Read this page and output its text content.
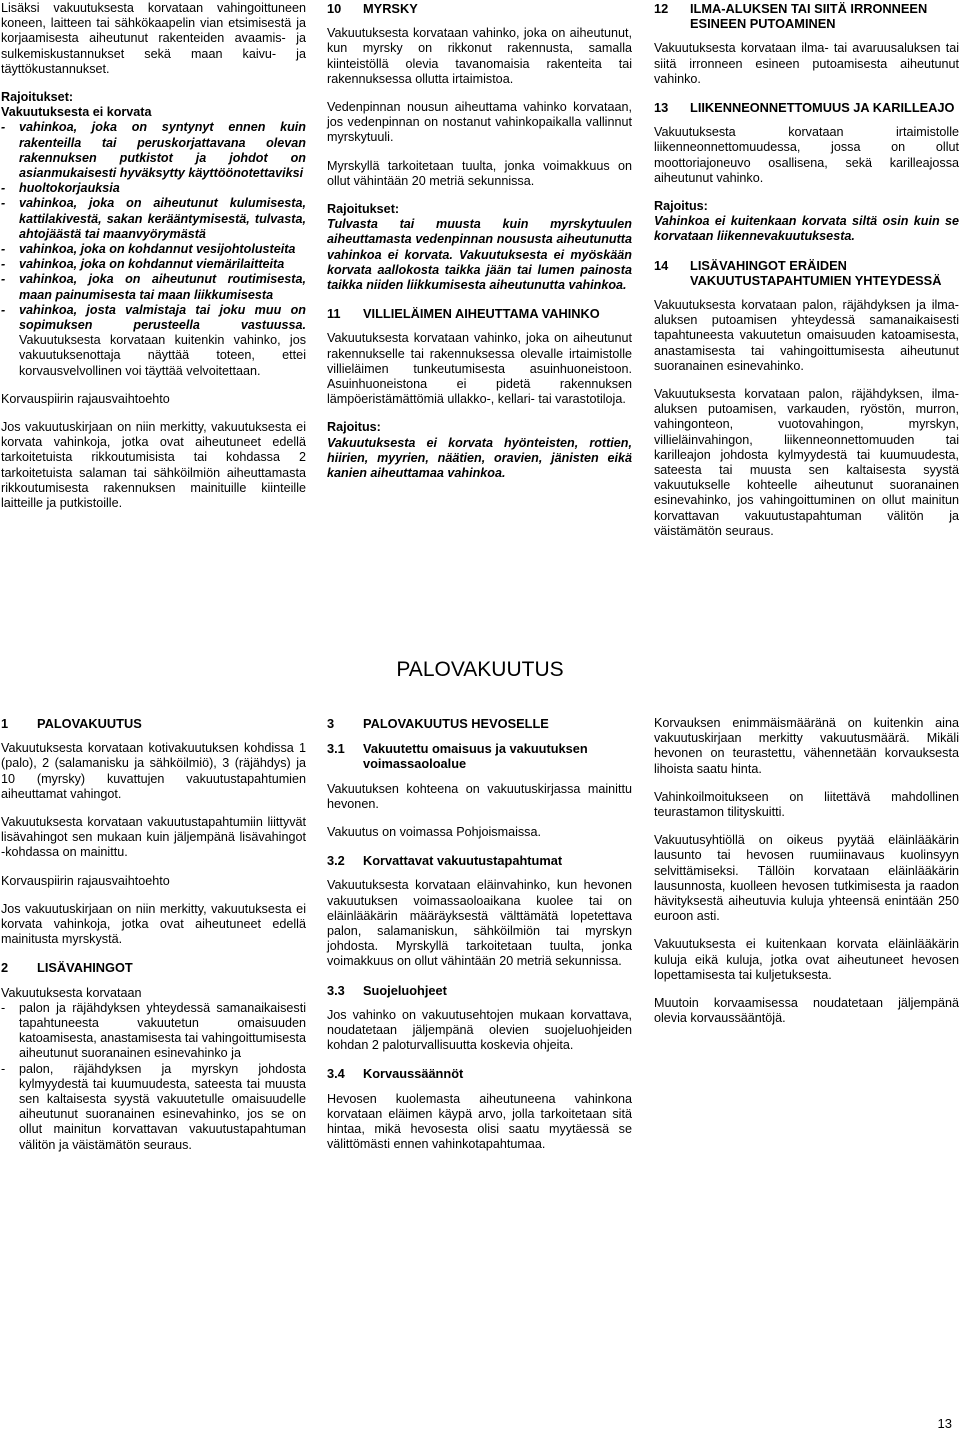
Lisäksi vakuutuksesta korvataan vahingoittuneen koneen, laitteen tai sähkökaapelin vian etsimisestä ja korjaamisesta aiheutunut rakenteiden avaamis- ja sulkemiskustannukset sekä maan kaivu- ja täyttökustannukset.

Rajoitukset:
Vakuutuksesta ei korvata
-	vahinkoa, joka on syntynyt ennen kuin rakenteilla tai peruskorjattavana olevan rakennuksen putkistot ja johdot on asianmukaisesti hyväksytty käyttöönotettaviksi
-	huoltokorjauksia
-	vahinkoa, joka on aiheutunut kulumisesta, kattilakivestä, sakan kerääntymisestä, tulvasta, ahtojäästä tai maanvyörymästä
-	vahinkoa, joka on kohdannut vesijohtolusteita
-	vahinkoa, joka on kohdannut viemärilaitteita
-	vahinkoa, joka on aiheutunut routimisesta, maan painumisesta tai maan liikkumisesta
-	vahinkoa, josta valmistaja tai joku muu on sopimuksen perusteella vastuussa. Vakuutuksesta korvataan kuitenkin vahinko, jos vakuutuksenottaja näyttää toteen, ettei korvausvelvollinen voi täyttää velvoitettaan.
Korvauspiirin rajausvaihtoehto

Jos vakuutuskirjaan on niin merkitty, vakuutuksesta ei korvata vahinkoja, jotka ovat aiheutuneet edellä tarkoitetuista rikkoutumisista tai kohdassa 2 tarkoitetuista salaman tai sähköilmiön aiheuttamasta rikkoutumisesta rakennuksen mainituille kiinteille laitteille ja putkistoille.

10	MYRSKY

Vakuutuksesta korvataan vahinko, joka on aiheutunut, kun myrsky on rikkonut rakennusta, samalla kiinteistöllä olevia tavanomaisia rakenteita tai rakennuksessa ollutta irtaimistoa.

Vedenpinnan nousun aiheuttama vahinko korvataan, jos vedenpinnan on nostanut vahinkopaikalla vallinnut myrskytuuli.

Myrskyllä tarkoitetaan tuulta, jonka voimakkuus on ollut vähintään 20 metriä sekunnissa.

Rajoitukset:

Tulvasta tai muusta kuin myrskytuulen aiheuttamasta vedenpinnan noususta aiheutunutta vahinkoa ei korvata. Vakuutuksesta ei myöskään korvata aallokosta taikka jään tai lumen painosta taikka niiden liikkumisesta aiheutunutta vahinkoa.

11	VILLIELÄIMEN AIHEUTTAMA VAHINKO

Vakuutuksesta korvataan vahinko, joka on aiheutunut rakennukselle tai rakennuksessa olevalle irtaimistolle villieläimen tunkeutumisesta asuinhuoneistoon. Asuinhuoneistona ei pidetä rakennuksen lämpöeristämättömiä ullakko-, kellari- tai varastotiloja.

Rajoitus:

Vakuutuksesta ei korvata hyönteisten, rottien, hiirien, myyrien, näätien, oravien, jänisten eikä kanien aiheuttamaa vahinkoa.

12	ILMA-ALUKSEN TAI SIITÄ IRRONNEEN ESINEEN PUTOAMINEN

Vakuutuksesta korvataan ilma- tai avaruusaluksen tai siitä irronneen esineen putoamisesta aiheutunut vahinko.

13	LIIKENNEONNETTOMUUS JA KARILLEAJO

Vakuutuksesta korvataan irtaimistolle liikenneonnettomuudessa, jossa on ollut moottoriajoneuvo osallisena, sekä karilleajossa aiheutunut vahinko.

Rajoitus:

Vahinkoa ei kuitenkaan korvata siltä osin kuin se korvataan liikennevakuutuksesta.

14	LISÄVAHINGOT ERÄIDEN VAKUUTUSTAPAHTUMIEN YHTEYDESSÄ

Vakuutuksesta korvataan palon, räjähdyksen ja ilma-aluksen putoamisen yhteydessä samanaikaisesti tapahtuneesta vakuutetun omaisuuden katoamisesta, anastamisesta tai vahingoittumisesta aiheutunut suoranainen esinevahinko.

Vakuutuksesta korvataan palon, räjähdyksen, ilma-aluksen putoamisen, varkauden, ryöstön, murron, vahingonteon, vuotovahingon, myrskyn, villieläinvahingon, liikenneonnettomuuden tai karilleajon johdosta kylmyydestä tai kuumuudesta, sateesta tai muusta sen kaltaisesta syystä vakuutukselle kohteelle aiheutunut suoranainen esinevahinko, jos vahingoittuminen on ollut mainitun korvattavan vakuutustapahtuman välitön ja väistämätön seuraus.

PALOVAKUUTUS
1	PALOVAKUUTUS

Vakuutuksesta korvataan kotivakuutuksen kohdissa 1 (palo), 2 (salamanisku ja sähköilmiö), 3 (räjähdys) ja 10 (myrsky) kuvattujen vakuutustapahtumien aiheuttamat vahingot.

Vakuutuksesta korvataan vakuutustapahtumiin liittyvät lisävahingot sen mukaan kuin jäljempänä lisävahingot -kohdassa on mainittu.

Korvauspiirin rajausvaihtoehto

Jos vakuutuskirjaan on niin merkitty, vakuutuksesta ei korvata vahinkoja, jotka ovat aiheutuneet edellä mainitusta myrskystä.

2	LISÄVAHINGOT
Vakuutuksesta korvataan
-	palon ja räjähdyksen yhteydessä samanaikaisesti tapahtuneesta vakuutetun omaisuuden katoamisesta, anastamisesta tai vahingoittumisesta aiheutunut suoranainen esinevahinko ja
-	palon, räjähdyksen ja myrskyn johdosta kylmyydestä tai kuumuudesta, sateesta tai muusta sen kaltaisesta syystä vakuutetulle omaisuudelle aiheutunut suoranainen esinevahinko, jos se on ollut mainitun korvattavan vakuutustapahtuman välitön ja väistämätön seuraus.
3	PALOVAKUUTUS HEVOSELLE
3.1	Vakuutettu omaisuus ja vakuutuksen voimassaoloalue

Vakuutuksen kohteena on vakuutuskirjassa mainittu hevonen.

Vakuutus on voimassa Pohjoismaissa.

3.2	Korvattavat vakuutustapahtumat

Vakuutuksesta korvataan eläinvahinko, kun hevonen vakuutuksen voimassaoloaikana kuolee tai on eläinlääkärin määräyksestä välttämätä lopetettava palon, salamaniskun, sähköilmiön tai myrskyn johdosta. Myrskyllä tarkoitetaan tuulta, jonka voimakkuus on ollut vähintään 20 metriä sekunnissa.

3.3	Suojeluohjeet

Jos vahinko on vakuutusehtojen mukaan korvattava, noudatetaan jäljempänä olevien suojeluohjeiden kohdan 2 paloturvallisuutta koskevia ohjeita.

3.4	Korvaussäännöt

Hevosen kuolemasta aiheutuneena vahinkona korvataan eläimen käypä arvo, jolla tarkoitetaan sitä hintaa, mikä hevosesta olisi saatu myytäessä se välittömästi ennen vahinkotapahtumaa.

Korvauksen enimmäismääränä on kuitenkin aina vakuutuskirjaan merkitty vakuutusmäärä. Mikäli hevonen on teurastettu, vähennetään korvauksesta lihoista saatu hinta.

Vahinkoilmoitukseen on liitettävä mahdollinen teurastamon tilityskuitti.

Vakuutusyhtiöllä on oikeus pyytää eläinlääkärin lausunto tai hevosen ruumiinavaus kuolinsyyn selvittämiseksi. Tällöin korvataan eläinlääkärin lausunnosta, kuolleen hevosen tutkimisesta ja raadon hävityksestä aiheutuvia kuluja yhteensä enintään 250 euroon asti.

Vakuutuksesta ei kuitenkaan korvata eläinlääkärin kuluja eikä kuluja, jotka ovat aiheutuneet hevosen lopettamisesta tai kuljetuksesta.

Muutoin korvaamisessa noudatetaan jäljempänä olevia korvaussääntöjä.

13
